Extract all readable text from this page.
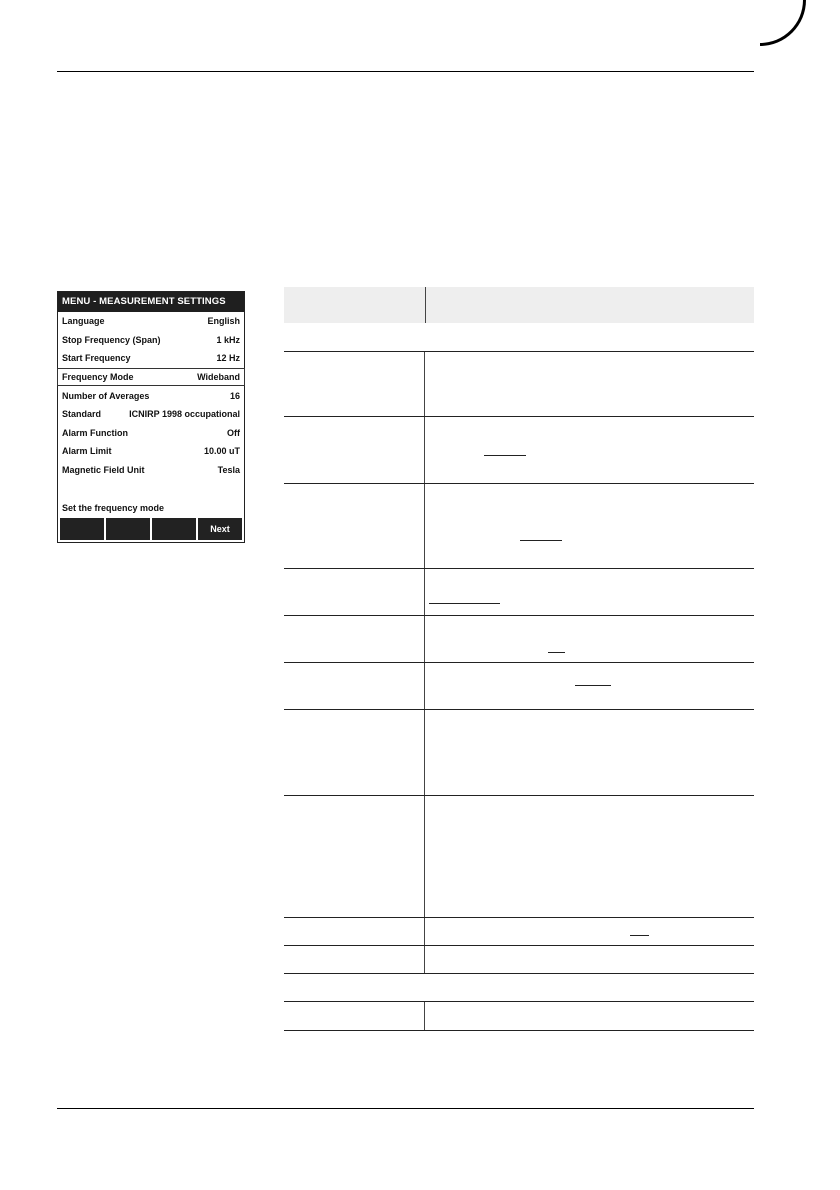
MENU - MEASUREMENT SETTINGS
Language	English
Stop Frequency (Span)	1 kHz
Start Frequency	12 Hz
Frequency Mode	Wideband
Number of Averages	16
Standard	ICNIRP 1998 occupational
Alarm Function	Off
Alarm Limit	10.00 uT
Magnetic Field Unit	Tesla
Set the frequency mode
Next
